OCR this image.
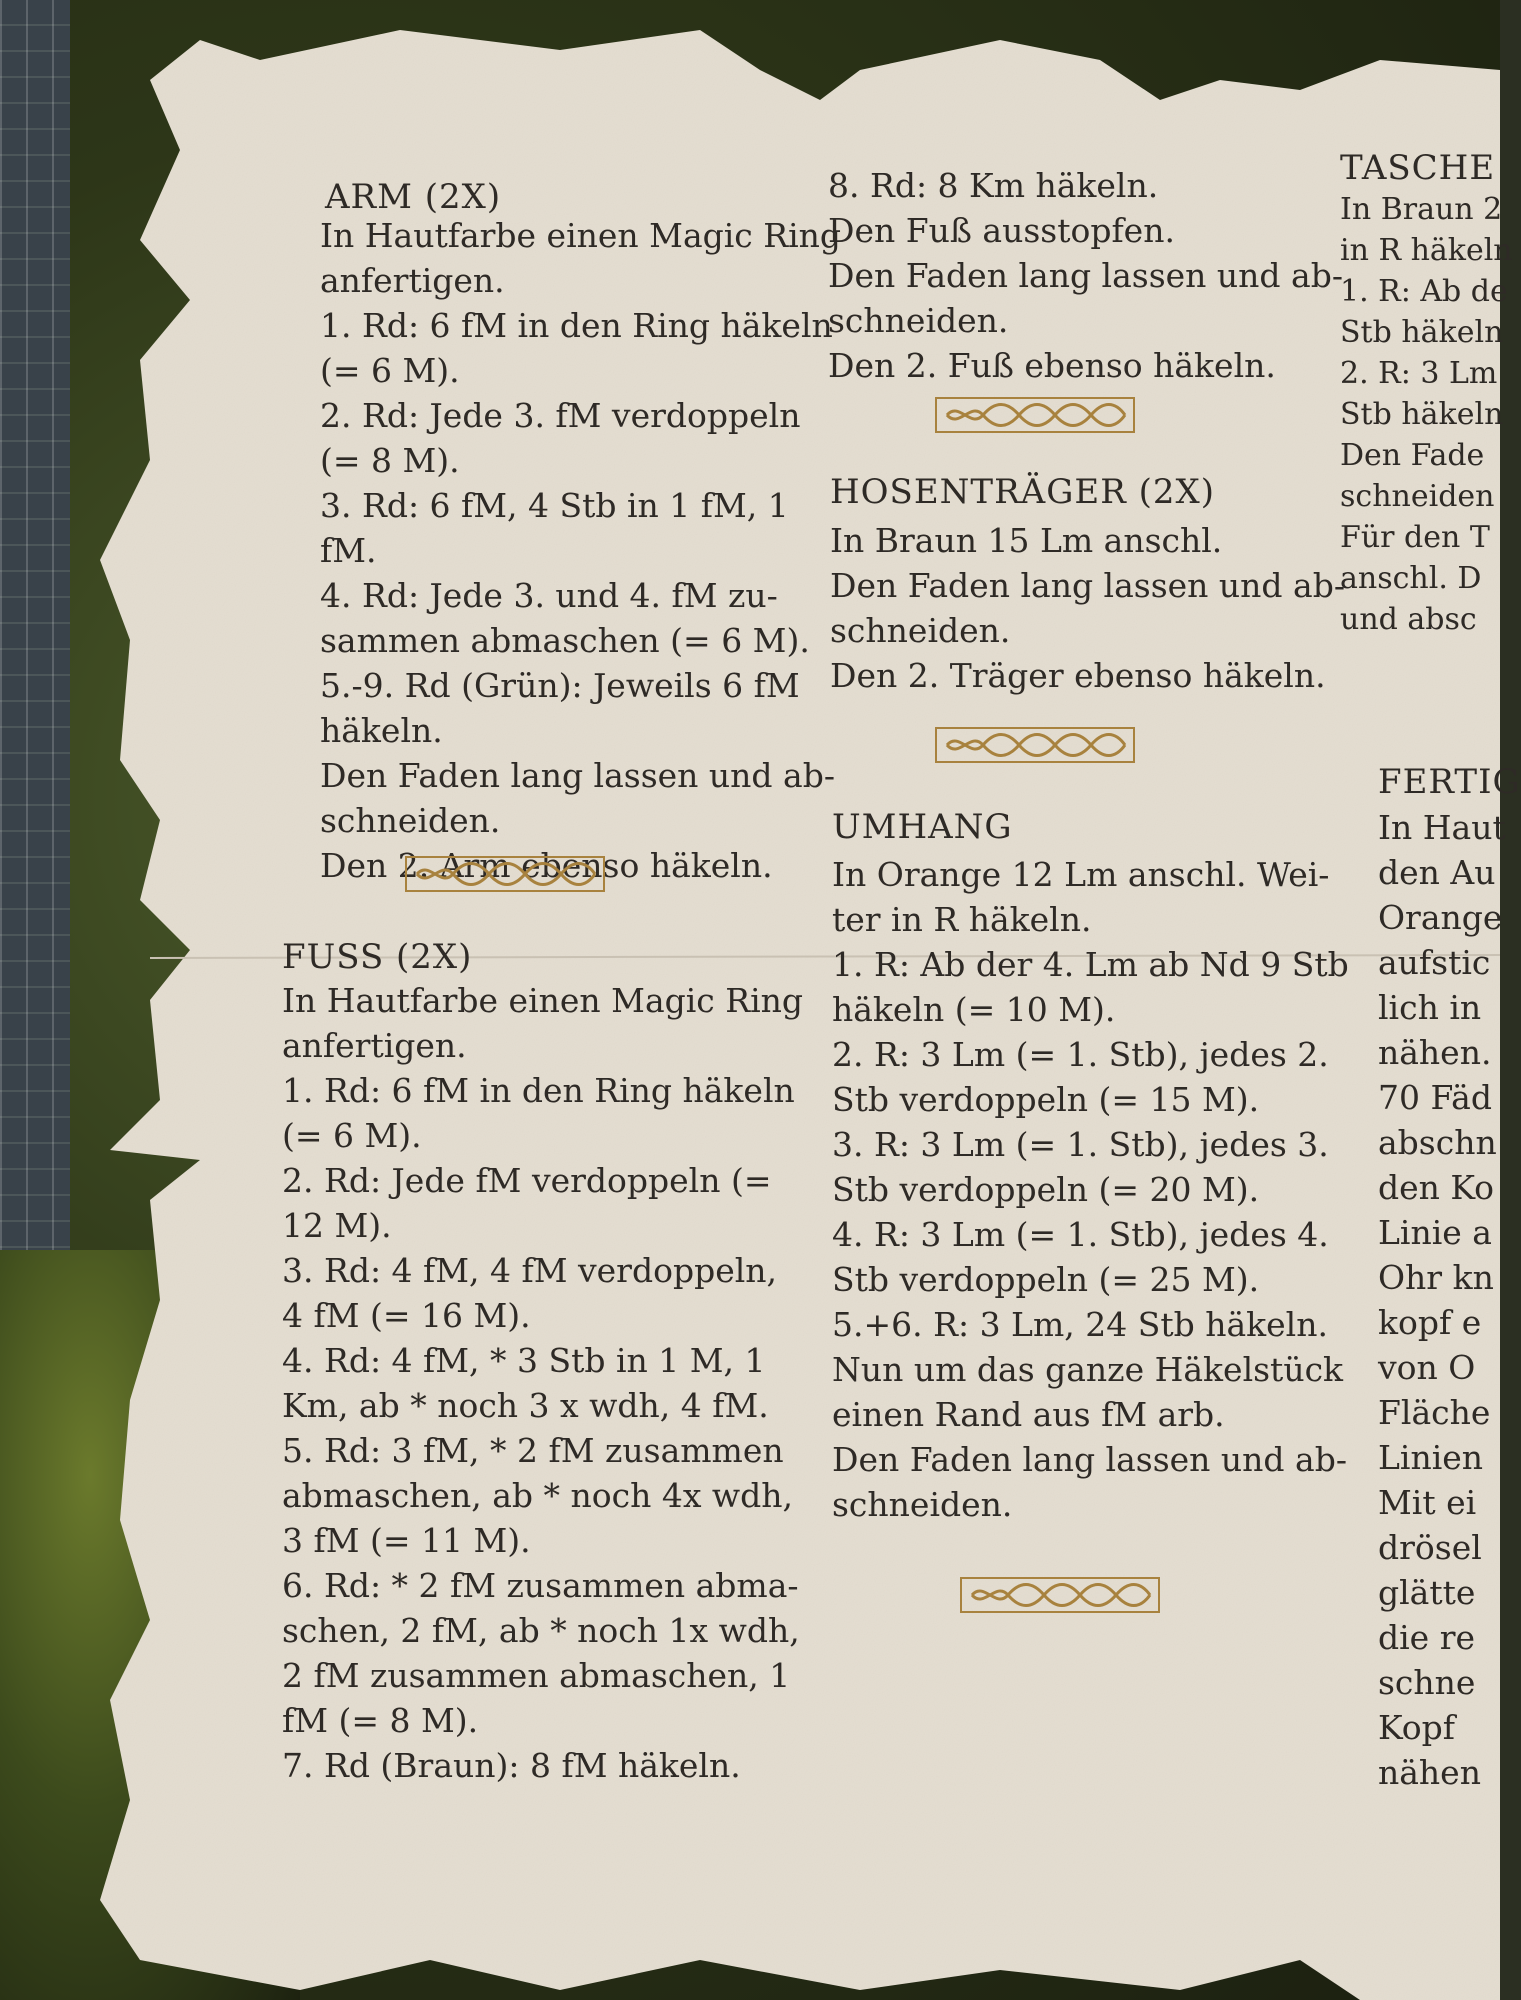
ARM (2X)

In Hautfarbe einen Magic Ring

anfertigen.

1. Rd: 6 fM in den Ring häkeln

(= 6 M).

2. Rd: Jede 3. fM verdoppeln

(= 8 M).

3. Rd: 6 fM, 4 Stb in 1 fM, 1

fM.

4. Rd: Jede 3. und 4. fM zu-

sammen abmaschen (= 6 M).

5.-9. Rd (Grün): Jeweils 6 fM

häkeln.

Den Faden lang lassen und ab-

schneiden.

Den 2. Arm ebenso häkeln.

FUSS (2X)

In Hautfarbe einen Magic Ring

anfertigen.

1. Rd: 6 fM in den Ring häkeln

(= 6 M).

2. Rd: Jede fM verdoppeln (=

12 M).

3. Rd: 4 fM, 4 fM verdoppeln,

4 fM (= 16 M).

4. Rd: 4 fM, * 3 Stb in 1 M, 1

Km, ab * noch 3 x wdh, 4 fM.

5. Rd: 3 fM, * 2 fM zusammen

abmaschen, ab * noch 4x wdh,

3 fM (= 11 M).

6. Rd: * 2 fM zusammen abma-

schen, 2 fM, ab * noch 1x wdh,

2 fM zusammen abmaschen, 1

fM (= 8 M).

7. Rd (Braun): 8 fM häkeln.

8. Rd: 8 Km häkeln.

Den Fuß ausstopfen.

Den Faden lang lassen und ab-

schneiden.

Den 2. Fuß ebenso häkeln.

HOSENTRÄGER (2X)

In Braun 15 Lm anschl.

Den Faden lang lassen und ab-

schneiden.

Den 2. Träger ebenso häkeln.

UMHANG

In Orange 12 Lm anschl. Wei-

ter in R häkeln.

1. R: Ab der 4. Lm ab Nd 9 Stb

häkeln (= 10 M).

2. R: 3 Lm (= 1. Stb), jedes 2.

Stb verdoppeln (= 15 M).

3. R: 3 Lm (= 1. Stb), jedes 3.

Stb verdoppeln (= 20 M).

4. R: 3 Lm (= 1. Stb), jedes 4.

Stb verdoppeln (= 25 M).

5.+6. R: 3 Lm, 24 Stb häkeln.

Nun um das ganze Häkelstück

einen Rand aus fM arb.

Den Faden lang lassen und ab-

schneiden.

TASCHE

In Braun 2

in R häkeln

1. R: Ab de

Stb häkeln

2. R: 3 Lm

Stb häkeln

Den Fade

schneiden

Für den T

anschl. D

und absc

FERTIG

In Haut

den Au

Orange

aufstic

lich in

nähen.

70 Fäd

abschn

den Ko

Linie a

Ohr kn

kopf e

von O

Fläche

Linien

Mit ei

drösel

glätte

die re

schne

Kopf

nähen
